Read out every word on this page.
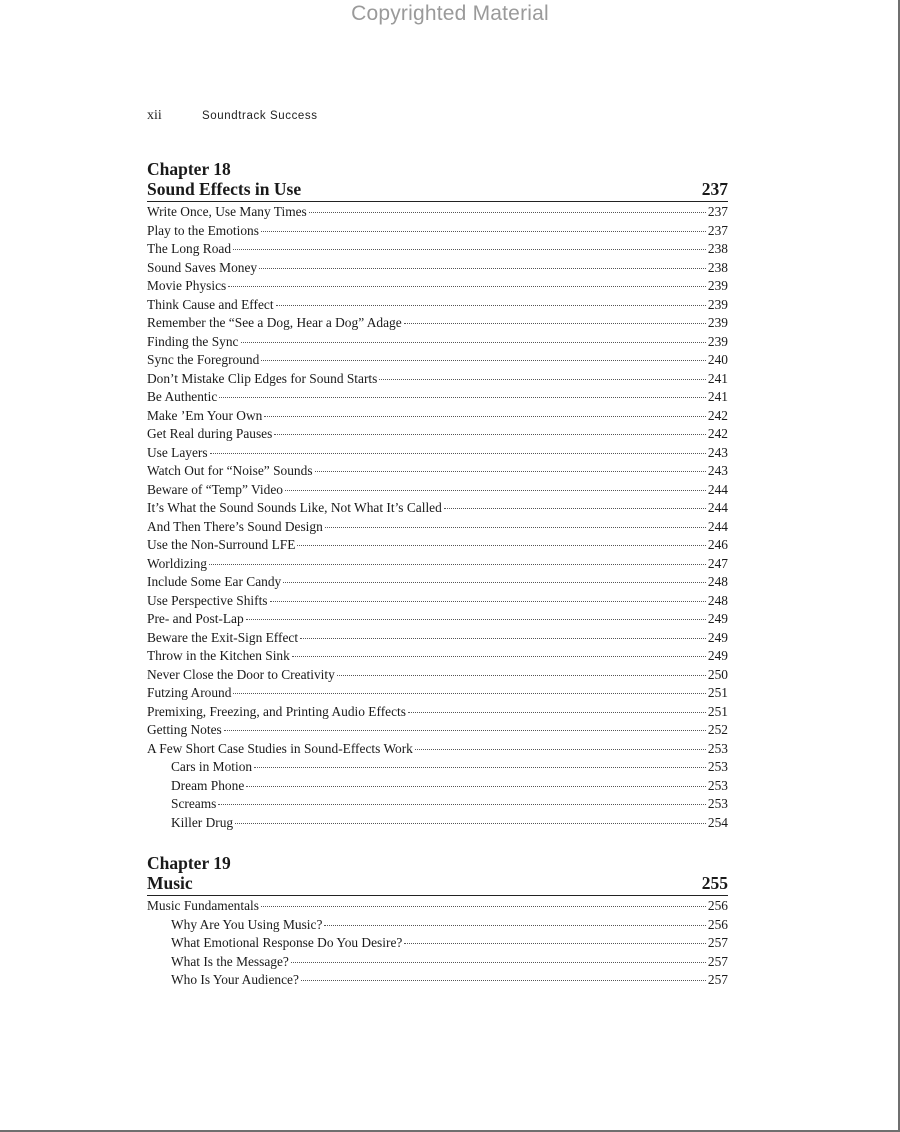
Copyrighted Material
xii	Soundtrack Success
Chapter 18
Sound Effects in Use	237
Write Once, Use Many Times	237
Play to the Emotions	237
The Long Road	238
Sound Saves Money	238
Movie Physics	239
Think Cause and Effect	239
Remember the “See a Dog, Hear a Dog” Adage	239
Finding the Sync	239
Sync the Foreground	240
Don’t Mistake Clip Edges for Sound Starts	241
Be Authentic	241
Make ’Em Your Own	242
Get Real during Pauses	242
Use Layers	243
Watch Out for “Noise” Sounds	243
Beware of “Temp” Video	244
It’s What the Sound Sounds Like, Not What It’s Called	244
And Then There’s Sound Design	244
Use the Non-Surround LFE	246
Worldizing	247
Include Some Ear Candy	248
Use Perspective Shifts	248
Pre- and Post-Lap	249
Beware the Exit-Sign Effect	249
Throw in the Kitchen Sink	249
Never Close the Door to Creativity	250
Futzing Around	251
Premixing, Freezing, and Printing Audio Effects	251
Getting Notes	252
A Few Short Case Studies in Sound-Effects Work	253
Cars in Motion	253
Dream Phone	253
Screams	253
Killer Drug	254
Chapter 19
Music	255
Music Fundamentals	256
Why Are You Using Music?	256
What Emotional Response Do You Desire?	257
What Is the Message?	257
Who Is Your Audience?	257
